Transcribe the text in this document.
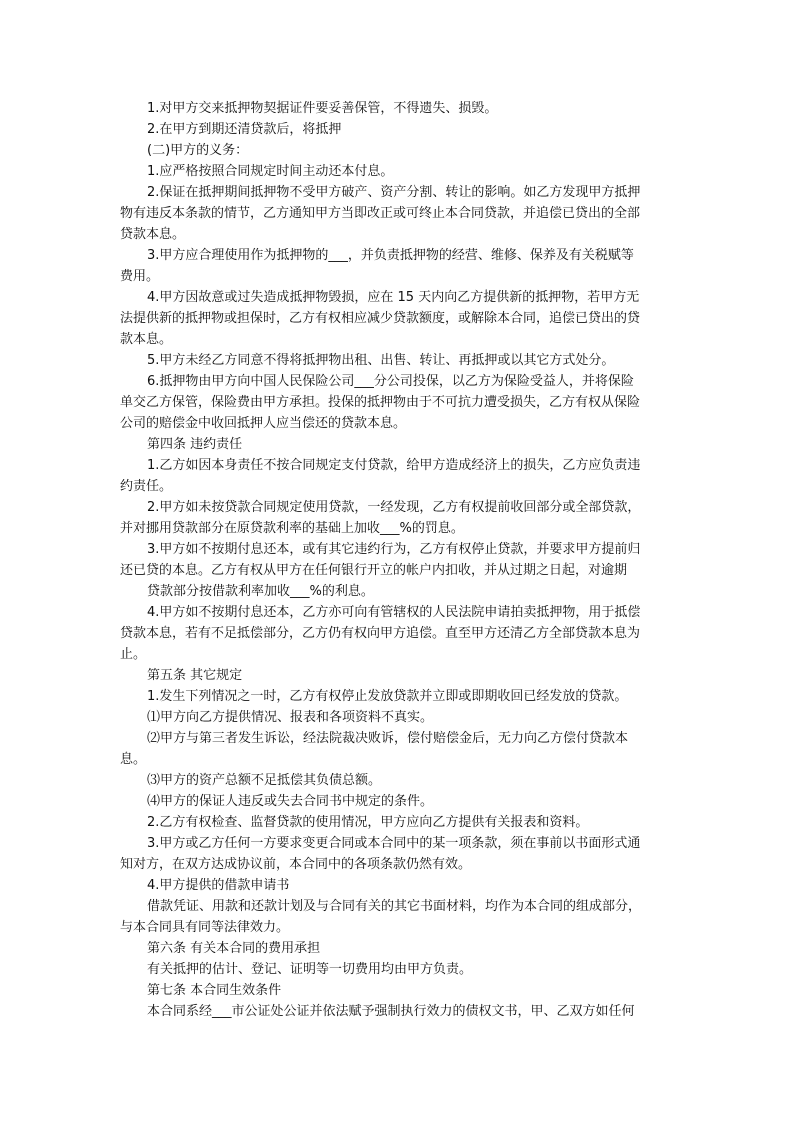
1.对甲方交来抵押物契据证件要妥善保管，不得遗失、损毁。

2.在甲方到期还清贷款后，将抵押

(二)甲方的义务：

1.应严格按照合同规定时间主动还本付息。

2.保证在抵押期间抵押物不受甲方破产、资产分割、转让的影响。如乙方发现甲方抵押

物有违反本条款的情节，乙方通知甲方当即改正或可终止本合同贷款，并追偿已贷出的全部

贷款本息。

3.甲方应合理使用作为抵押物的___，并负责抵押物的经营、维修、保养及有关税赋等

费用。

4.甲方因故意或过失造成抵押物毁损，应在 15 天内向乙方提供新的抵押物，若甲方无

法提供新的抵押物或担保时，乙方有权相应减少贷款额度，或解除本合同，追偿已贷出的贷

款本息。

5.甲方未经乙方同意不得将抵押物出租、出售、转让、再抵押或以其它方式处分。

6.抵押物由甲方向中国人民保险公司___分公司投保，以乙方为保险受益人，并将保险

单交乙方保管，保险费由甲方承担。投保的抵押物由于不可抗力遭受损失，乙方有权从保险

公司的赔偿金中收回抵押人应当偿还的贷款本息。

第四条 违约责任

1.乙方如因本身责任不按合同规定支付贷款，给甲方造成经济上的损失，乙方应负责违

约责任。

2.甲方如未按贷款合同规定使用贷款，一经发现，乙方有权提前收回部分或全部贷款，

并对挪用贷款部分在原贷款利率的基础上加收___%的罚息。

3.甲方如不按期付息还本，或有其它违约行为，乙方有权停止贷款，并要求甲方提前归

还已贷的本息。乙方有权从甲方在任何银行开立的帐户内扣收，并从过期之日起，对逾期

贷款部分按借款利率加收___%的利息。

4.甲方如不按期付息还本，乙方亦可向有管辖权的人民法院申请拍卖抵押物，用于抵偿

贷款本息，若有不足抵偿部分，乙方仍有权向甲方追偿。直至甲方还清乙方全部贷款本息为

止。

第五条 其它规定

1.发生下列情况之一时，乙方有权停止发放贷款并立即或即期收回已经发放的贷款。

⑴甲方向乙方提供情况、报表和各项资料不真实。

⑵甲方与第三者发生诉讼，经法院裁决败诉，偿付赔偿金后，无力向乙方偿付贷款本

息。

⑶甲方的资产总额不足抵偿其负债总额。

⑷甲方的保证人违反或失去合同书中规定的条件。

2.乙方有权检查、监督贷款的使用情况，甲方应向乙方提供有关报表和资料。

3.甲方或乙方任何一方要求变更合同或本合同中的某一项条款，须在事前以书面形式通

知对方，在双方达成协议前，本合同中的各项条款仍然有效。

4.甲方提供的借款申请书

借款凭证、用款和还款计划及与合同有关的其它书面材料，均作为本合同的组成部分，

与本合同具有同等法律效力。

第六条 有关本合同的费用承担

有关抵押的估计、登记、证明等一切费用均由甲方负责。

第七条 本合同生效条件

本合同系经___市公证处公证并依法赋予强制执行效力的债权文书，甲、乙双方如任何
